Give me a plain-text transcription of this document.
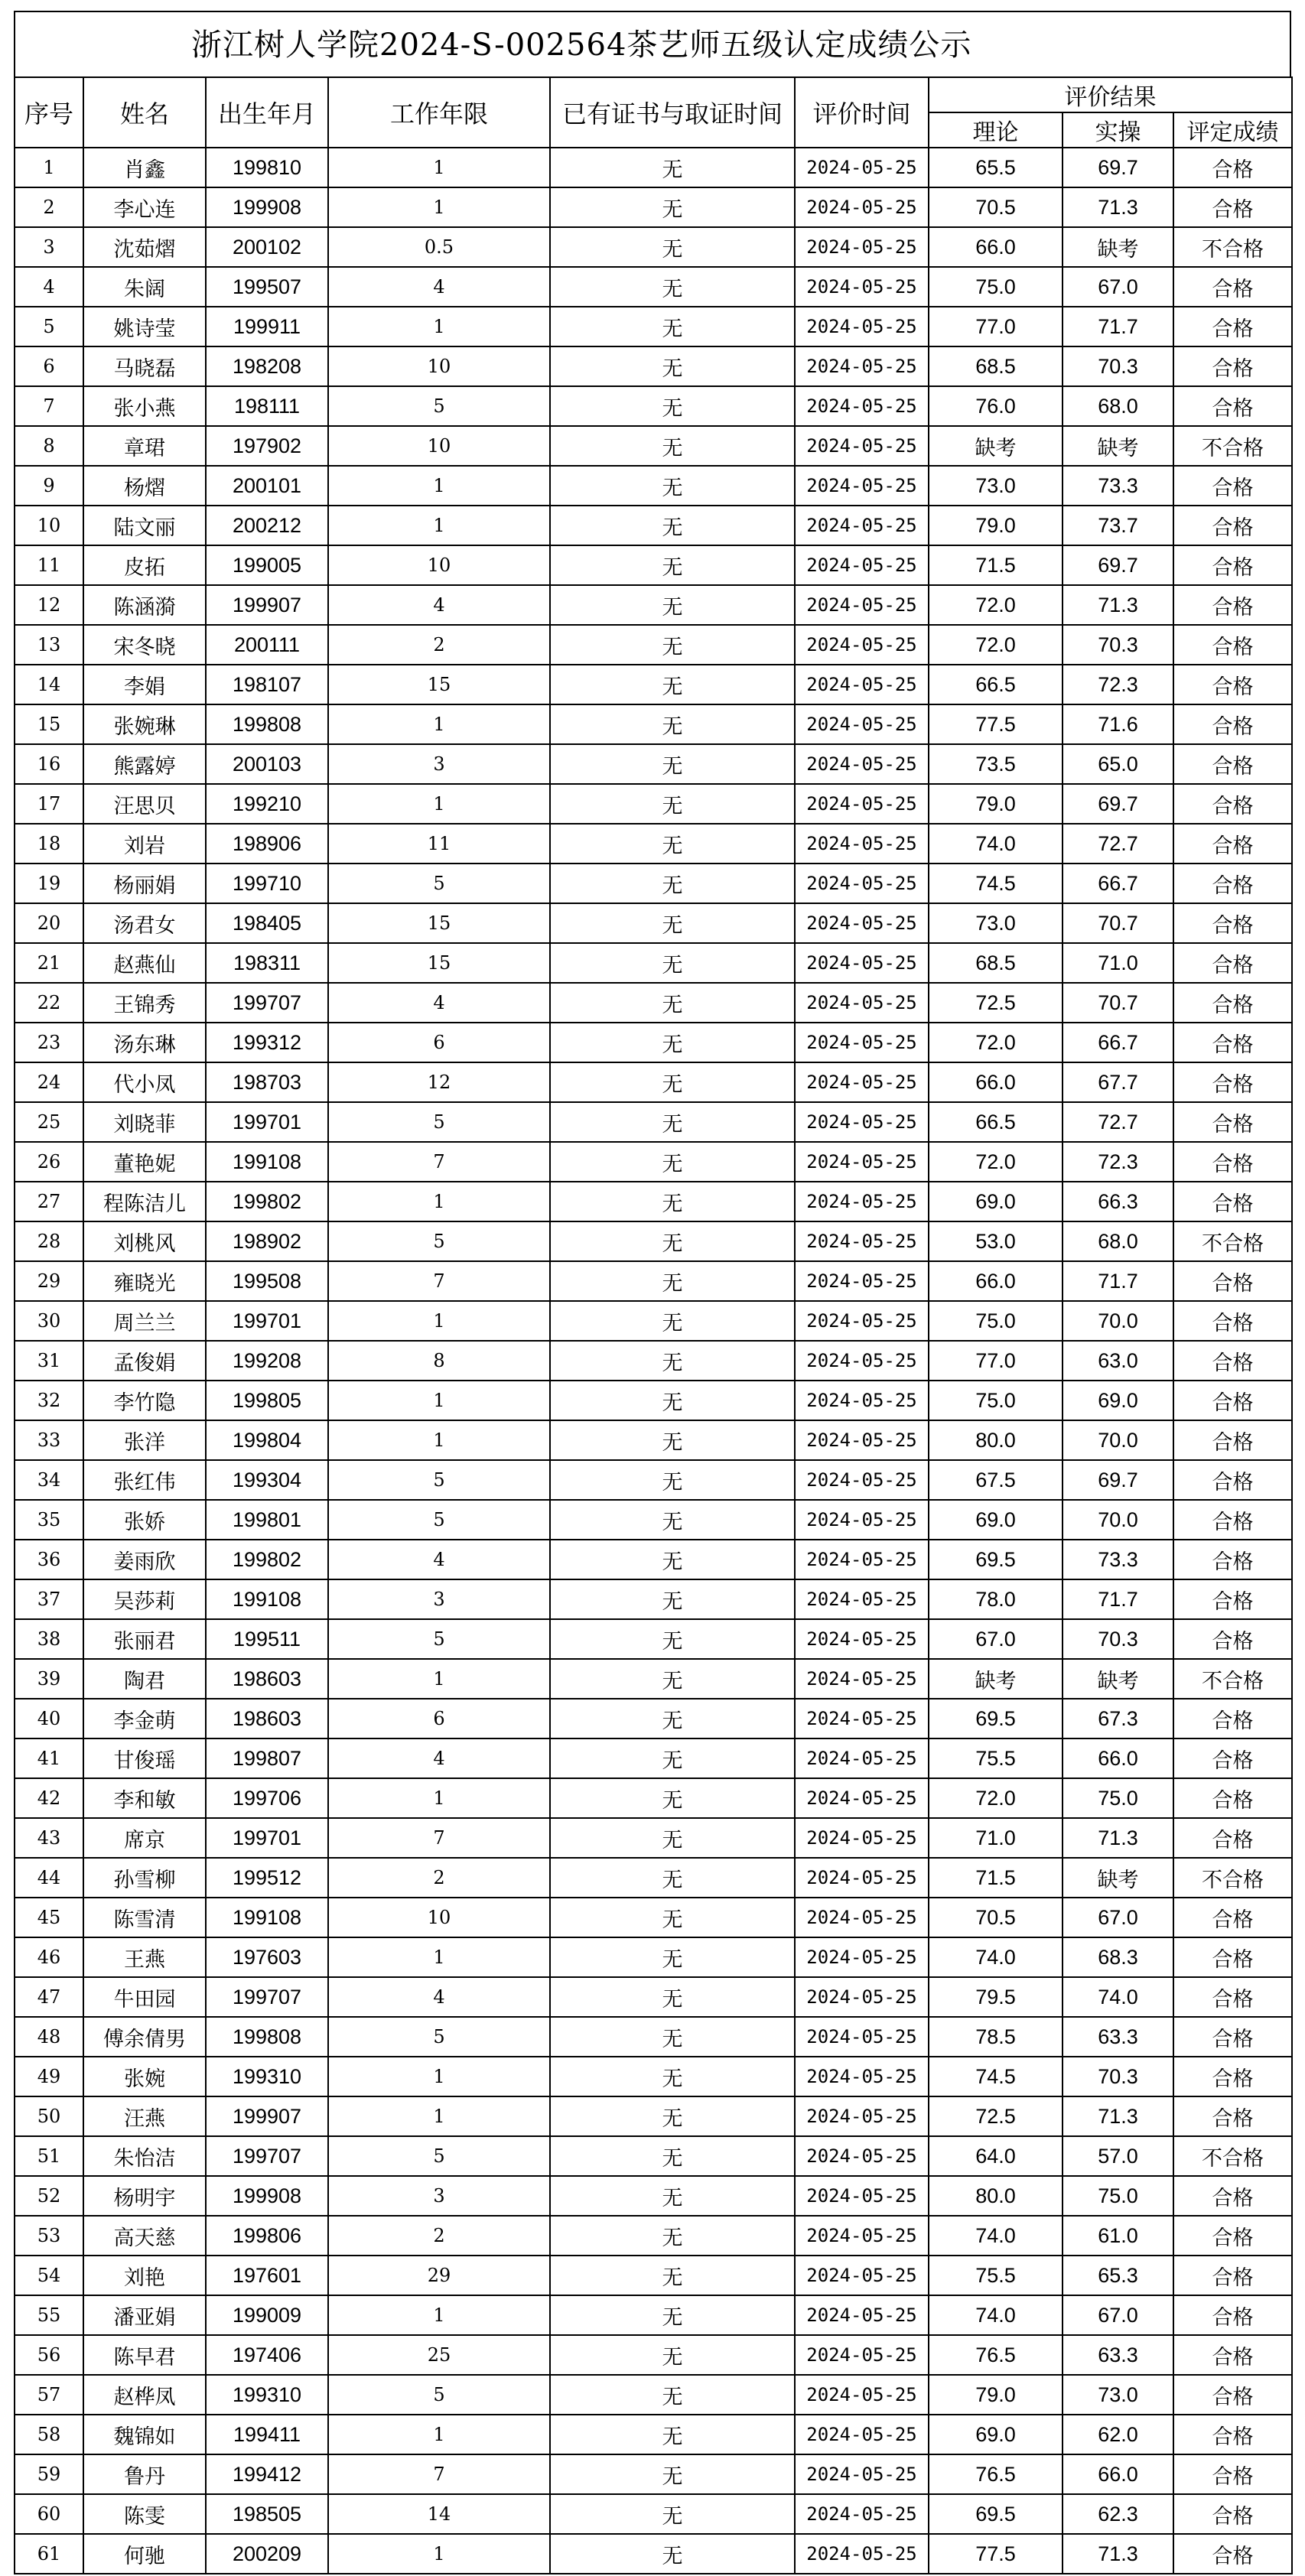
浙江树人学院2024-S-002564茶艺师五级认定成绩公示
序号	姓名	出生年月	工作年限	已有证书与取证时间	评价时间	评价结果		
						理论	实操	评定成绩
1	肖鑫	199810	1	无	2024-05-25	65.5	69.7	合格
2	李心连	199908	1	无	2024-05-25	70.5	71.3	合格
3	沈茹熠	200102	0.5	无	2024-05-25	66.0	缺考	不合格
4	朱阔	199507	4	无	2024-05-25	75.0	67.0	合格
5	姚诗莹	199911	1	无	2024-05-25	77.0	71.7	合格
6	马晓磊	198208	10	无	2024-05-25	68.5	70.3	合格
7	张小燕	198111	5	无	2024-05-25	76.0	68.0	合格
8	章珺	197902	10	无	2024-05-25	缺考	缺考	不合格
9	杨熠	200101	1	无	2024-05-25	73.0	73.3	合格
10	陆文丽	200212	1	无	2024-05-25	79.0	73.7	合格
11	皮拓	199005	10	无	2024-05-25	71.5	69.7	合格
12	陈涵漪	199907	4	无	2024-05-25	72.0	71.3	合格
13	宋冬晓	200111	2	无	2024-05-25	72.0	70.3	合格
14	李娟	198107	15	无	2024-05-25	66.5	72.3	合格
15	张婉琳	199808	1	无	2024-05-25	77.5	71.6	合格
16	熊露婷	200103	3	无	2024-05-25	73.5	65.0	合格
17	汪思贝	199210	1	无	2024-05-25	79.0	69.7	合格
18	刘岩	198906	11	无	2024-05-25	74.0	72.7	合格
19	杨丽娟	199710	5	无	2024-05-25	74.5	66.7	合格
20	汤君女	198405	15	无	2024-05-25	73.0	70.7	合格
21	赵燕仙	198311	15	无	2024-05-25	68.5	71.0	合格
22	王锦秀	199707	4	无	2024-05-25	72.5	70.7	合格
23	汤东琳	199312	6	无	2024-05-25	72.0	66.7	合格
24	代小凤	198703	12	无	2024-05-25	66.0	67.7	合格
25	刘晓菲	199701	5	无	2024-05-25	66.5	72.7	合格
26	董艳妮	199108	7	无	2024-05-25	72.0	72.3	合格
27	程陈洁儿	199802	1	无	2024-05-25	69.0	66.3	合格
28	刘桃风	198902	5	无	2024-05-25	53.0	68.0	不合格
29	雍晓光	199508	7	无	2024-05-25	66.0	71.7	合格
30	周兰兰	199701	1	无	2024-05-25	75.0	70.0	合格
31	孟俊娟	199208	8	无	2024-05-25	77.0	63.0	合格
32	李竹隐	199805	1	无	2024-05-25	75.0	69.0	合格
33	张洋	199804	1	无	2024-05-25	80.0	70.0	合格
34	张红伟	199304	5	无	2024-05-25	67.5	69.7	合格
35	张娇	199801	5	无	2024-05-25	69.0	70.0	合格
36	姜雨欣	199802	4	无	2024-05-25	69.5	73.3	合格
37	吴莎莉	199108	3	无	2024-05-25	78.0	71.7	合格
38	张丽君	199511	5	无	2024-05-25	67.0	70.3	合格
39	陶君	198603	1	无	2024-05-25	缺考	缺考	不合格
40	李金萌	198603	6	无	2024-05-25	69.5	67.3	合格
41	甘俊瑶	199807	4	无	2024-05-25	75.5	66.0	合格
42	李和敏	199706	1	无	2024-05-25	72.0	75.0	合格
43	席京	199701	7	无	2024-05-25	71.0	71.3	合格
44	孙雪柳	199512	2	无	2024-05-25	71.5	缺考	不合格
45	陈雪清	199108	10	无	2024-05-25	70.5	67.0	合格
46	王燕	197603	1	无	2024-05-25	74.0	68.3	合格
47	牛田园	199707	4	无	2024-05-25	79.5	74.0	合格
48	傅余倩男	199808	5	无	2024-05-25	78.5	63.3	合格
49	张婉	199310	1	无	2024-05-25	74.5	70.3	合格
50	汪燕	199907	1	无	2024-05-25	72.5	71.3	合格
51	朱怡洁	199707	5	无	2024-05-25	64.0	57.0	不合格
52	杨明宇	199908	3	无	2024-05-25	80.0	75.0	合格
53	高天慈	199806	2	无	2024-05-25	74.0	61.0	合格
54	刘艳	197601	29	无	2024-05-25	75.5	65.3	合格
55	潘亚娟	199009	1	无	2024-05-25	74.0	67.0	合格
56	陈早君	197406	25	无	2024-05-25	76.5	63.3	合格
57	赵桦凤	199310	5	无	2024-05-25	79.0	73.0	合格
58	魏锦如	199411	1	无	2024-05-25	69.0	62.0	合格
59	鲁丹	199412	7	无	2024-05-25	76.5	66.0	合格
60	陈雯	198505	14	无	2024-05-25	69.5	62.3	合格
61	何驰	200209	1	无	2024-05-25	77.5	71.3	合格
